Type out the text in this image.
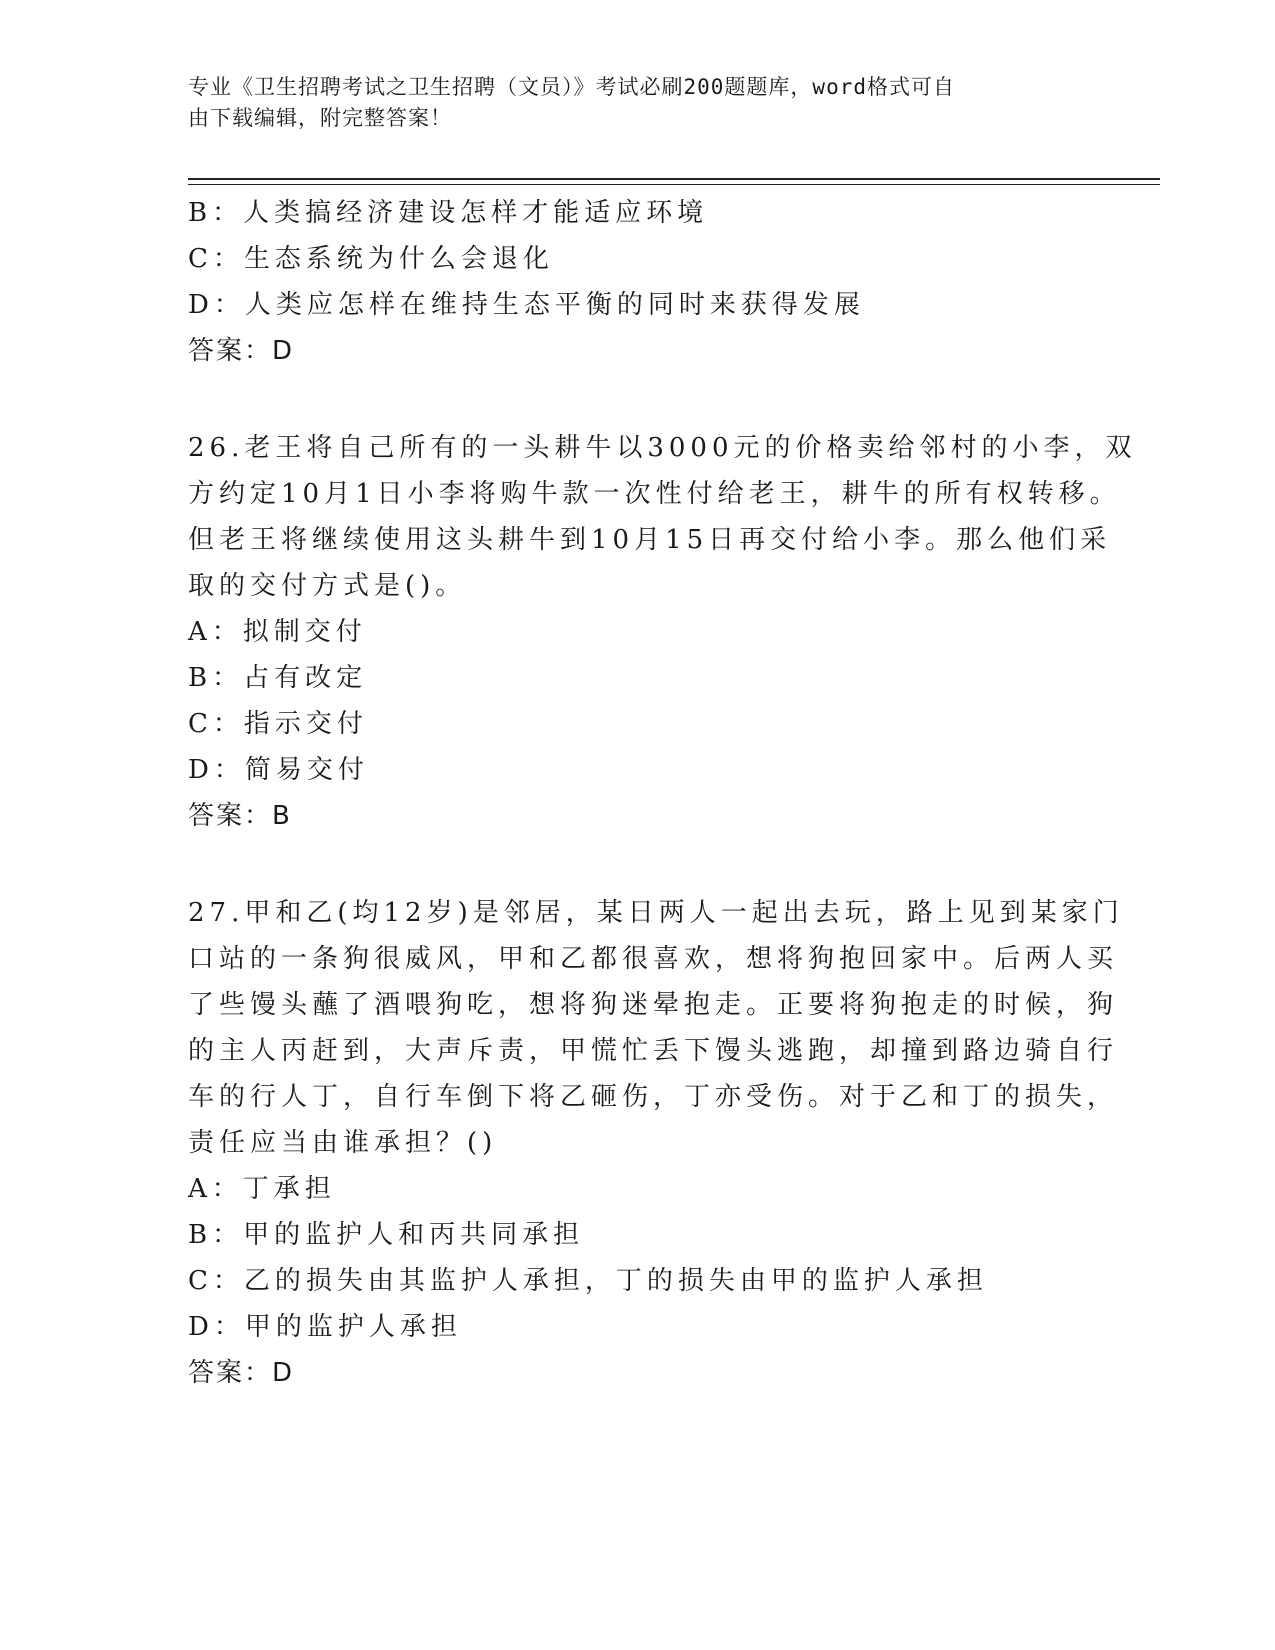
专业《卫生招聘考试之卫生招聘（文员）》考试必刷200题题库，word格式可自
由下载编辑，附完整答案！
B：人类搞经济建设怎样才能适应环境
C：生态系统为什么会退化
D：人类应怎样在维持生态平衡的同时来获得发展
答案：D
26.老王将自己所有的一头耕牛以3000元的价格卖给邻村的小李，双
方约定10月1日小李将购牛款一次性付给老王，耕牛的所有权转移。
但老王将继续使用这头耕牛到10月15日再交付给小李。那么他们采
取的交付方式是()。
A：拟制交付
B：占有改定
C：指示交付
D：简易交付
答案：B
27.甲和乙(均12岁)是邻居，某日两人一起出去玩，路上见到某家门
口站的一条狗很威风，甲和乙都很喜欢，想将狗抱回家中。后两人买
了些馒头蘸了酒喂狗吃，想将狗迷晕抱走。正要将狗抱走的时候，狗
的主人丙赶到，大声斥责，甲慌忙丢下馒头逃跑，却撞到路边骑自行
车的行人丁，自行车倒下将乙砸伤，丁亦受伤。对于乙和丁的损失，
责任应当由谁承担？()
A：丁承担
B：甲的监护人和丙共同承担
C：乙的损失由其监护人承担，丁的损失由甲的监护人承担
D：甲的监护人承担
答案：D
